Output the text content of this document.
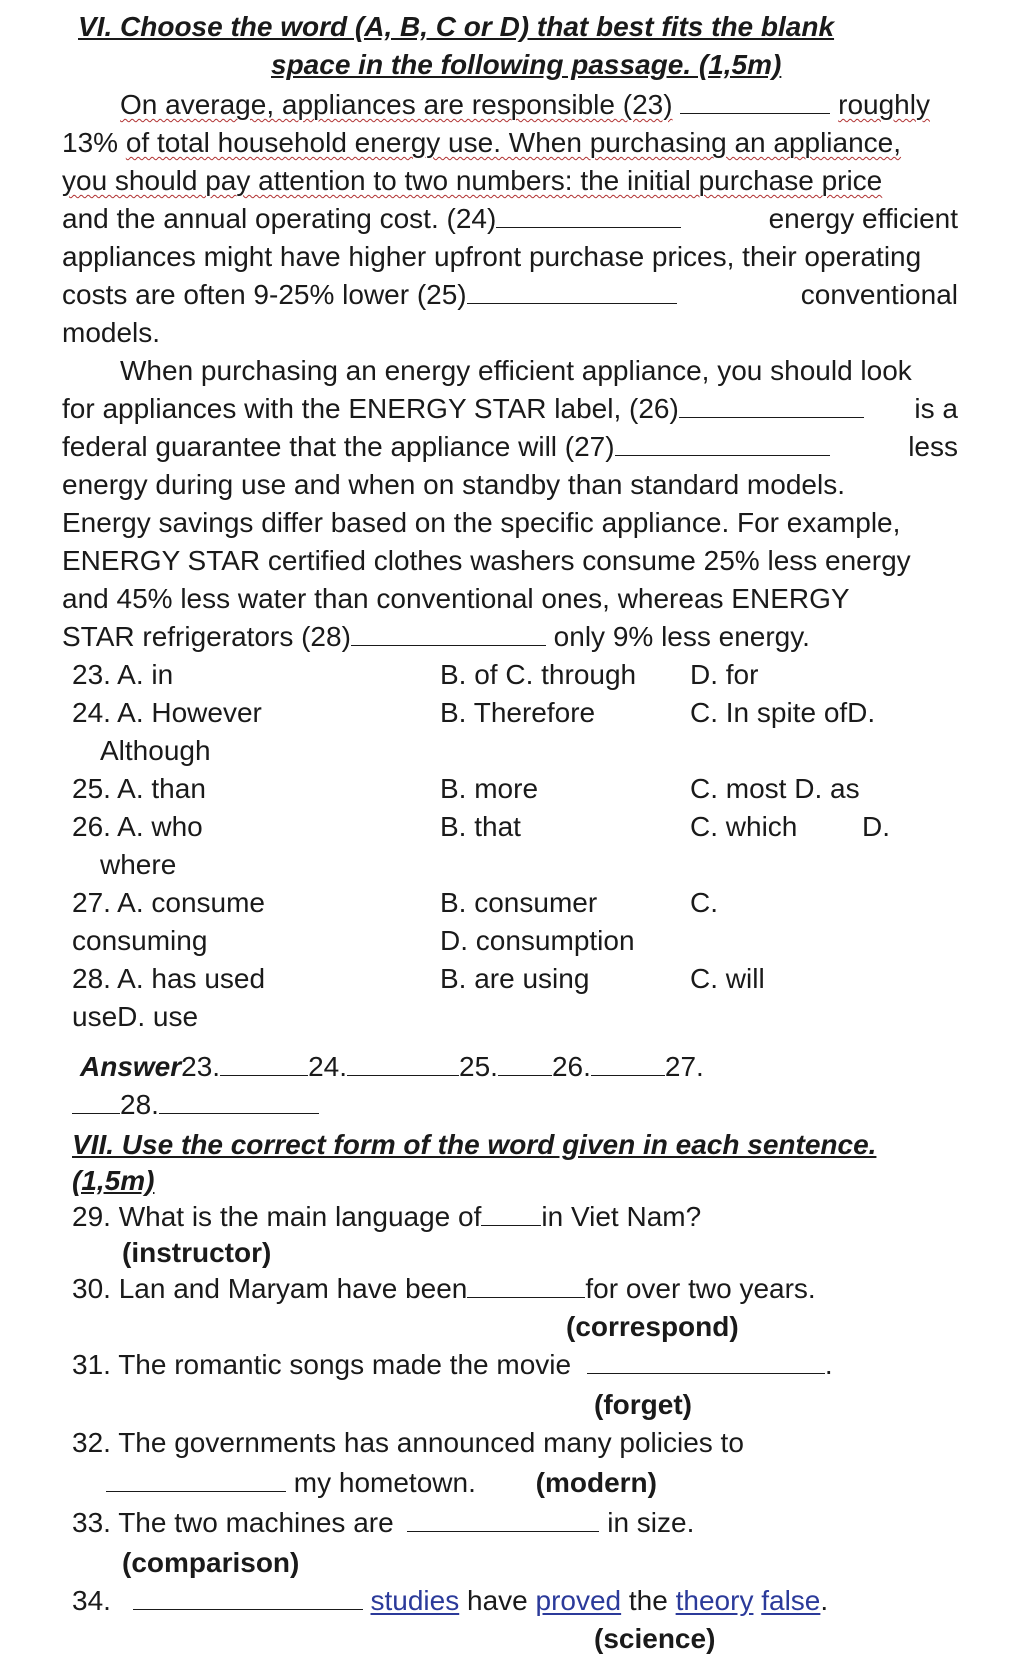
VI. Choose the word (A, B, C or D) that best fits the blank
space in the following passage. (1,5m)
On average, appliances are responsible (23)	roughly
13% of total household energy use. When purchasing an appliance,
you should pay attention to two numbers: the initial purchase price
and the annual operating cost. (24)	energy efficient
appliances might have higher upfront purchase prices, their operating
costs are often 9-25% lower (25)	conventional
models.
When purchasing an energy efficient appliance, you should look
for appliances with the ENERGY STAR label, (26)	is a
federal guarantee that the appliance will (27)	less
energy during use and when on standby than standard models.
Energy savings differ based on the specific appliance. For example,
ENERGY STAR certified clothes washers consume 25% less energy
and 45% less water than conventional ones, whereas ENERGY
STAR refrigerators (28)	only 9% less energy.
23. A. in	B. of C. through D. for
24. A. However	B. Therefore	C. In spite ofD.
Although
25. A. than	B. more	C. most D. as
26. A. who	B. that	C. which D.
where
27. A. consume	B. consumer	C.
consuming	D. consumption
28. A. has used	B. are using	C. will
useD. use
Answer23.	24.	25. 26.	27.
28.
VII. Use the correct form of the word given in each sentence.
(1,5m)
29. What is the main language of in Viet Nam?
(instructor)
30. Lan and Maryam have been	for over two years.
(correspond)
31. The romantic songs made the movie	.
(forget)
32. The governments has announced many policies to
my hometown. (modern)
33. The two machines are	in size.
(comparison)
34.	studies have proved the theory false.
(science)
